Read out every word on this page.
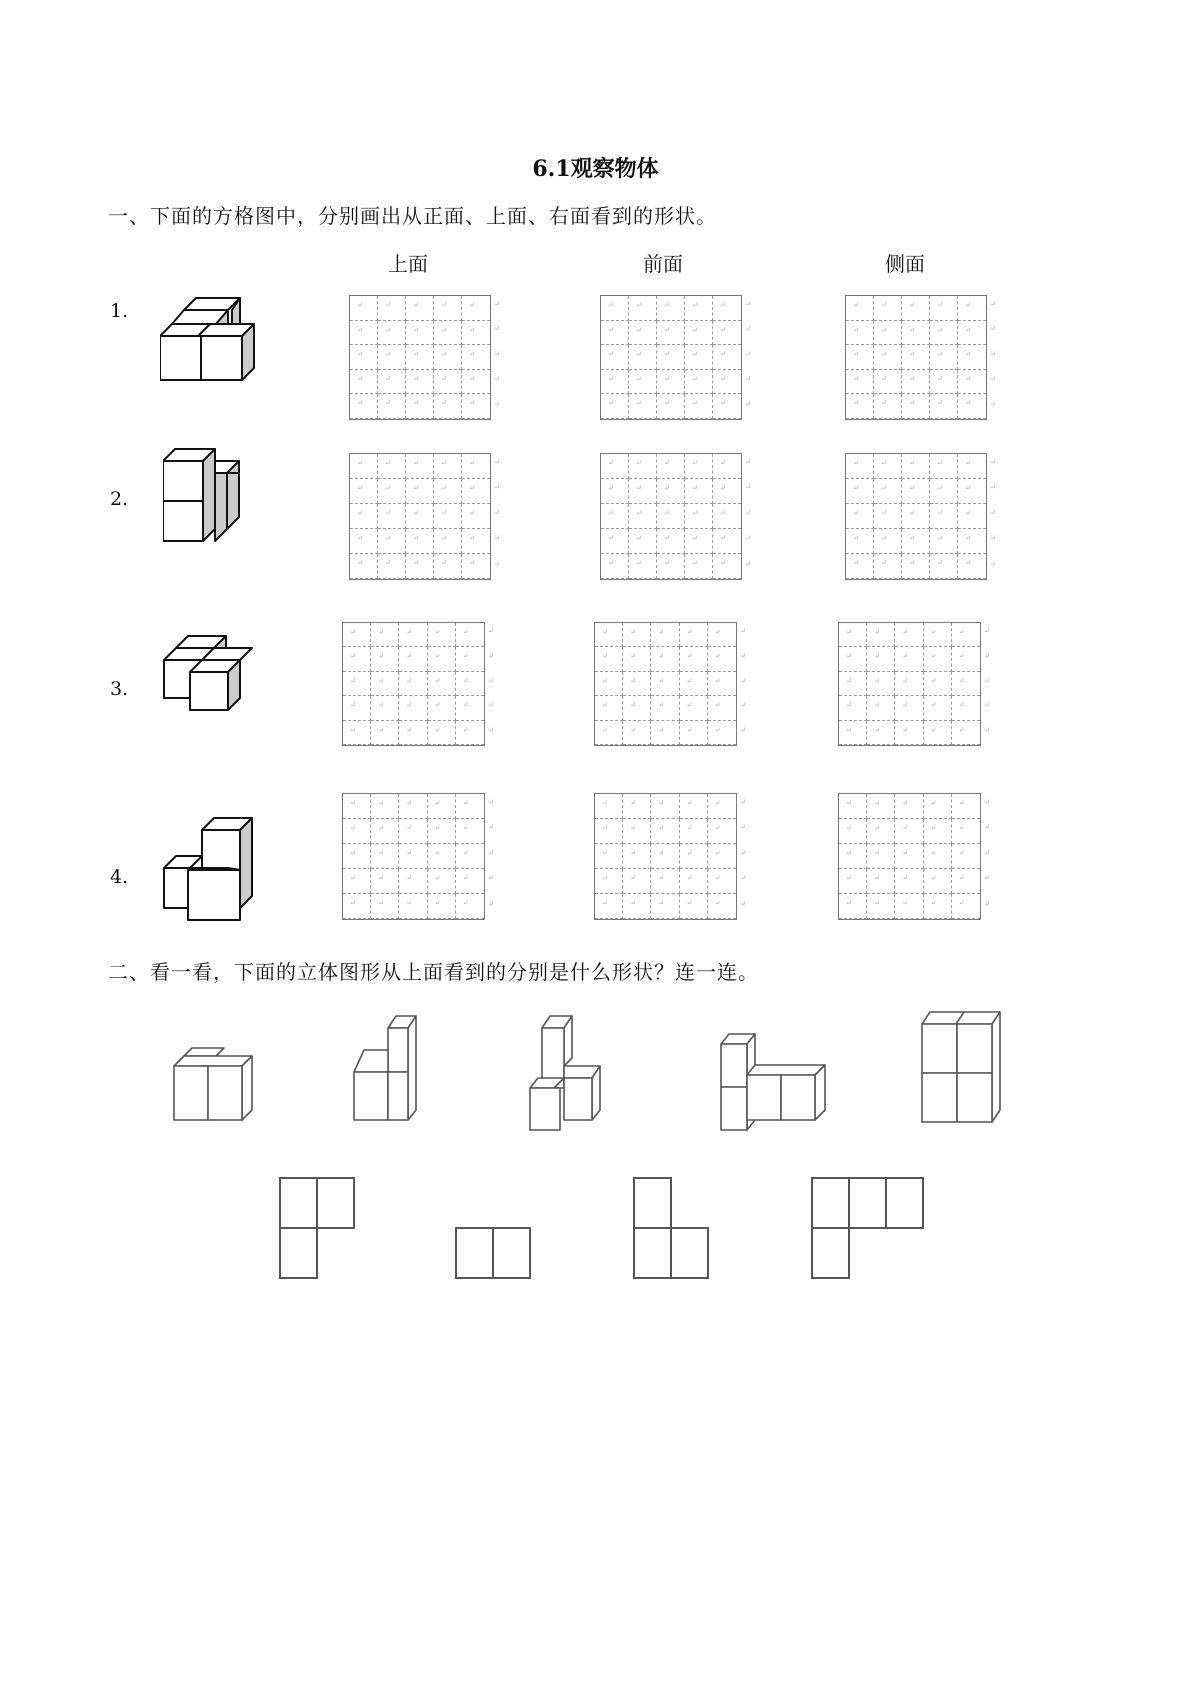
6.1观察物体
一、下面的方格图中，分别画出从正面、上面、右面看到的形状。
上面	前面	侧面
1.
2.
3.
4.
↵	↵	↵	↵	↵
↵	↵	↵	↵	↵
↵	↵	↵	↵	↵
↵	↵	↵	↵	↵
↵	↵	↵	↵	↵
↵
↵
↵
↵
↵
↵	↵	↵	↵	↵
↵	↵	↵	↵	↵
↵	↵	↵	↵	↵
↵	↵	↵	↵	↵
↵	↵	↵	↵	↵
↵
↵
↵
↵
↵
↵	↵	↵	↵	↵
↵	↵	↵	↵	↵
↵	↵	↵	↵	↵
↵	↵	↵	↵	↵
↵	↵	↵	↵	↵
↵
↵
↵
↵
↵
↵	↵	↵	↵	↵
↵	↵	↵	↵	↵
↵	↵	↵	↵	↵
↵	↵	↵	↵	↵
↵	↵	↵	↵	↵
↵
↵
↵
↵
↵
↵	↵	↵	↵	↵
↵	↵	↵	↵	↵
↵	↵	↵	↵	↵
↵	↵	↵	↵	↵
↵	↵	↵	↵	↵
↵
↵
↵
↵
↵
↵	↵	↵	↵	↵
↵	↵	↵	↵	↵
↵	↵	↵	↵	↵
↵	↵	↵	↵	↵
↵	↵	↵	↵	↵
↵
↵
↵
↵
↵
↵	↵	↵	↵	↵
↵	↵	↵	↵	↵
↵	↵	↵	↵	↵
↵	↵	↵	↵	↵
↵	↵	↵	↵	↵
↵
↵
↵
↵
↵
↵	↵	↵	↵	↵
↵	↵	↵	↵	↵
↵	↵	↵	↵	↵
↵	↵	↵	↵	↵
↵	↵	↵	↵	↵
↵
↵
↵
↵
↵
↵	↵	↵	↵	↵
↵	↵	↵	↵	↵
↵	↵	↵	↵	↵
↵	↵	↵	↵	↵
↵	↵	↵	↵	↵
↵
↵
↵
↵
↵
↵	↵	↵	↵	↵
↵	↵	↵	↵	↵
↵	↵	↵	↵	↵
↵	↵	↵	↵	↵
↵	↵	↵	↵	↵
↵
↵
↵
↵
↵
↵	↵	↵	↵	↵
↵	↵	↵	↵	↵
↵	↵	↵	↵	↵
↵	↵	↵	↵	↵
↵	↵	↵	↵	↵
↵
↵
↵
↵
↵
↵	↵	↵	↵	↵
↵	↵	↵	↵	↵
↵	↵	↵	↵	↵
↵	↵	↵	↵	↵
↵	↵	↵	↵	↵
↵
↵
↵
↵
↵
二、看一看，下面的立体图形从上面看到的分别是什么形状？连一连。
